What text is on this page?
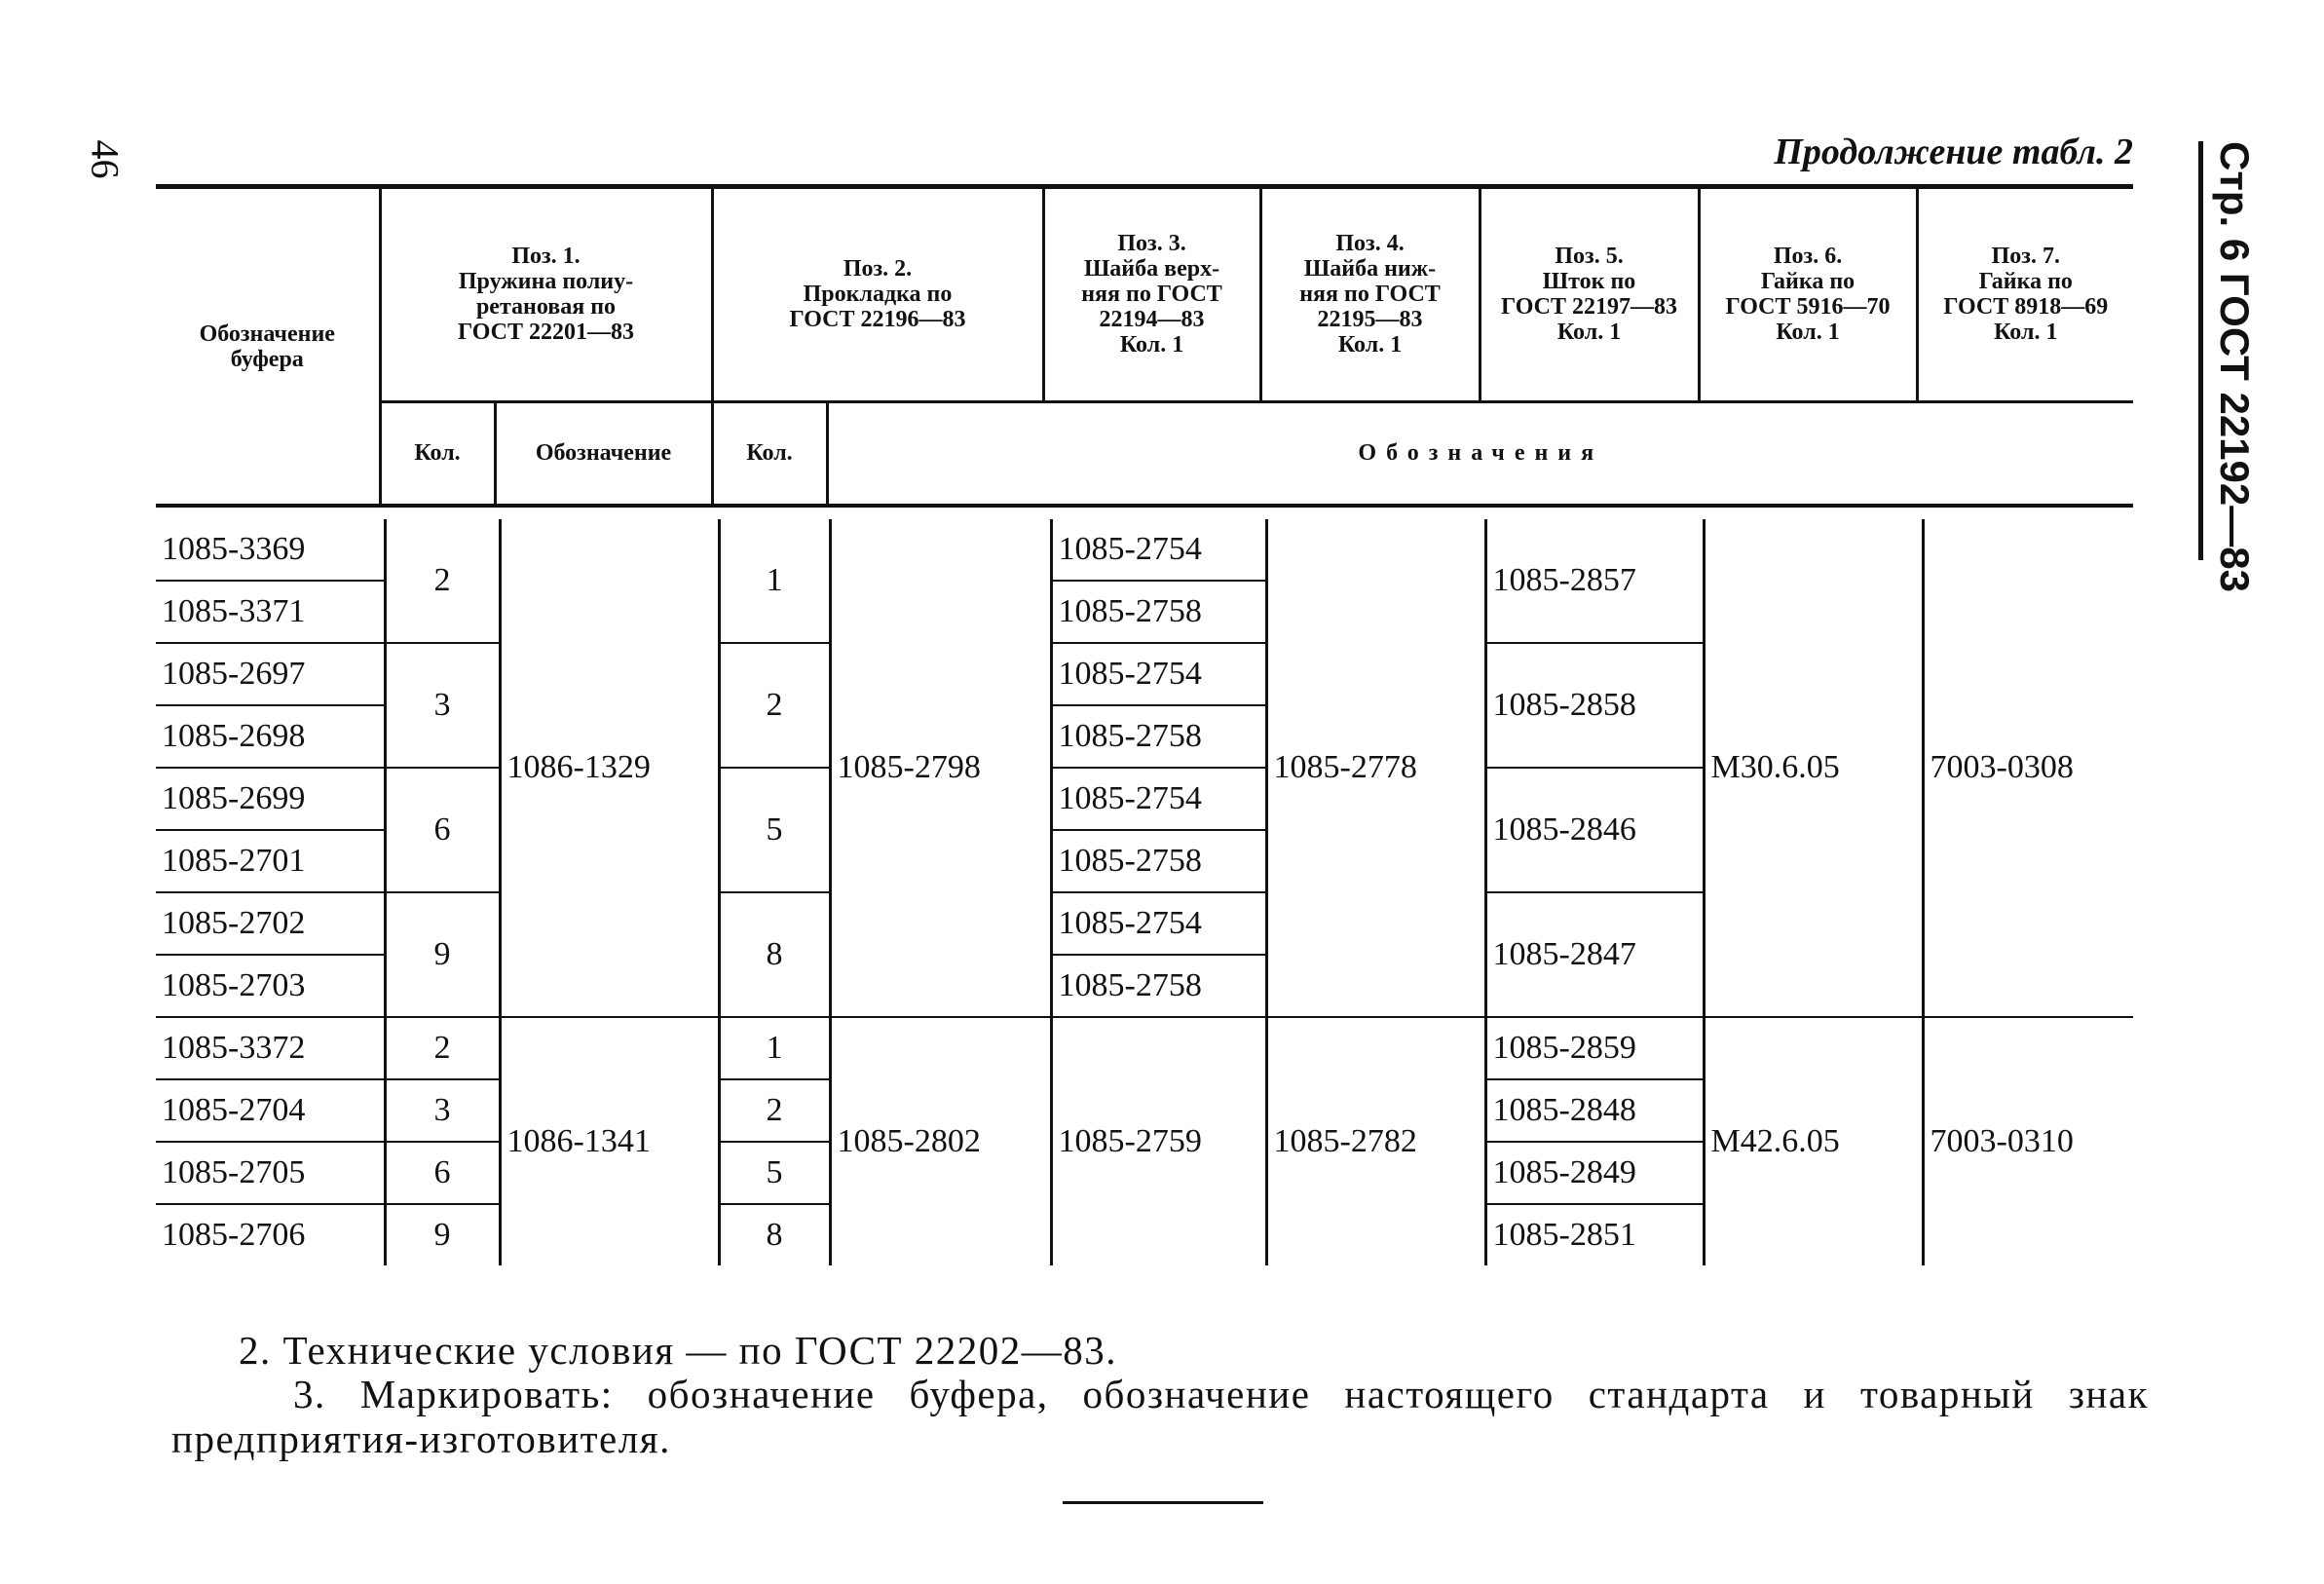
46	Продолжение табл. 2	Стр. 6 ГОСТ 22192—83
Обозначение
буфера	Поз. 1.
Пружина полиу-
ретановая по
ГОСТ 22201—83		Поз. 2.
Прокладка по
ГОСТ 22196—83		Поз. 3.
Шайба верх-
няя по ГОСТ
22194—83
Кол. 1	Поз. 4.
Шайба ниж-
няя по ГОСТ
22195—83
Кол. 1	Поз. 5.
Шток по
ГОСТ 22197—83
Кол. 1	Поз. 6.
Гайка по
ГОСТ 5916—70
Кол. 1	Поз. 7.
Гайка по
ГОСТ 8918—69
Кол. 1
	Кол.	Обозначение	Кол.	Обозначения					
1085-3369	2	1086-1329	1	1085-2798	1085-2754	1085-2778	1085-2857	М30.6.05	7003-0308
1085-3371					1085-2758				
1085-2697	3		2		1085-2754		1085-2858		
1085-2698					1085-2758				
1085-2699	6		5		1085-2754		1085-2846		
1085-2701					1085-2758				
1085-2702	9		8		1085-2754		1085-2847		
1085-2703					1085-2758				
1085-3372	2	1086-1341	1	1085-2802	1085-2759	1085-2782	1085-2859	М42.6.05	7003-0310
1085-2704	3		2				1085-2848		
1085-2705	6		5				1085-2849		
1085-2706	9		8				1085-2851		
2. Технические условия — по ГОСТ 22202—83.
3. Маркировать: обозначение буфера, обозначение настоящего стандарта и товарный знак предприятия-изготовителя.
